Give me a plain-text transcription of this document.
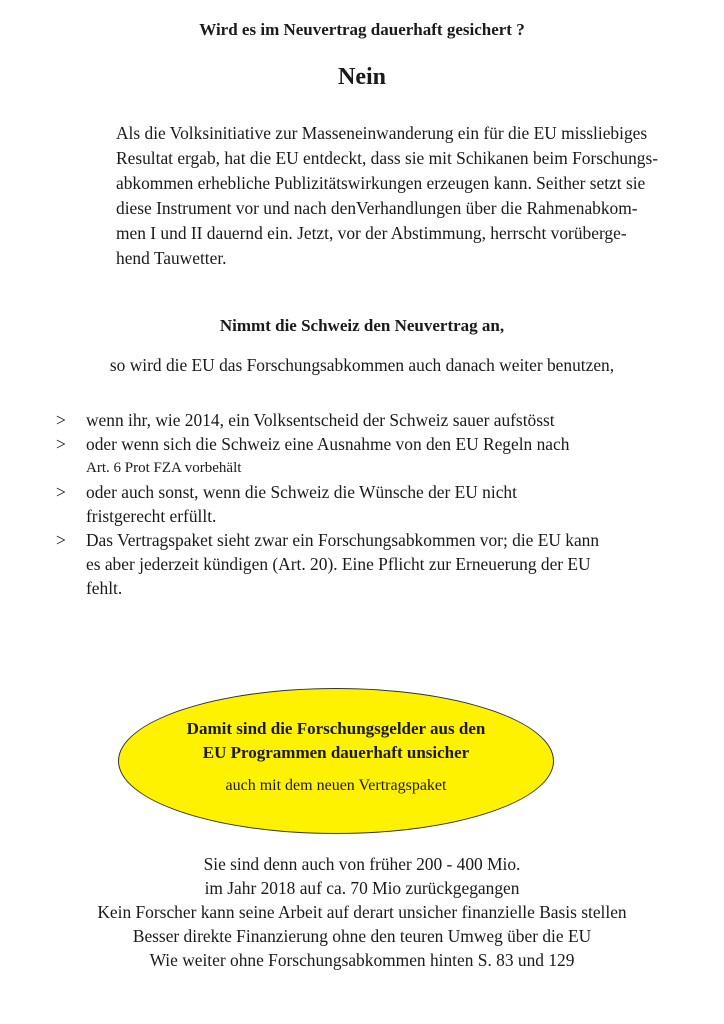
Wird es im Neuvertrag dauerhaft gesichert ?
Nein

Als die Volksinitiative zur Masseneinwanderung ein für die EU missliebiges

Resultat ergab, hat die EU entdeckt, dass sie mit Schikanen beim Forschungs-

abkommen erhebliche Publizitätswirkungen erzeugen kann. Seither setzt sie

diese Instrument vor und nach denVerhandlungen über die Rahmenabkom-

men I und II dauernd ein. Jetzt, vor der Abstimmung, herrscht vorüberge-

hend Tauwetter.

Nimmt die Schweiz den Neuvertrag an,
so wird die EU das Forschungsabkommen auch danach weiter benutzen,
> wenn ihr, wie 2014, ein Volksentscheid der Schweiz sauer aufstösst
> oder wenn sich die Schweiz eine Ausnahme von den EU Regeln nach
Art. 6 Prot FZA vorbehält
> oder auch sonst, wenn die Schweiz die Wünsche der EU nicht
fristgerecht erfüllt.
> Das Vertragspaket sieht zwar ein Forschungsabkommen vor; die EU kann
es aber jederzeit kündigen (Art. 20). Eine Pflicht zur Erneuerung der EU
fehlt.
Damit sind die Forschungsgelder aus den
EU Programmen dauerhaft unsicher
auch mit dem neuen Vertragspaket
Sie sind denn auch von früher 200 - 400 Mio.
im Jahr 2018 auf ca. 70 Mio zurückgegangen
Kein Forscher kann seine Arbeit auf derart unsicher finanzielle Basis stellen
Besser direkte Finanzierung ohne den teuren Umweg über die EU
Wie weiter ohne Forschungsabkommen hinten S. 83 und 129
